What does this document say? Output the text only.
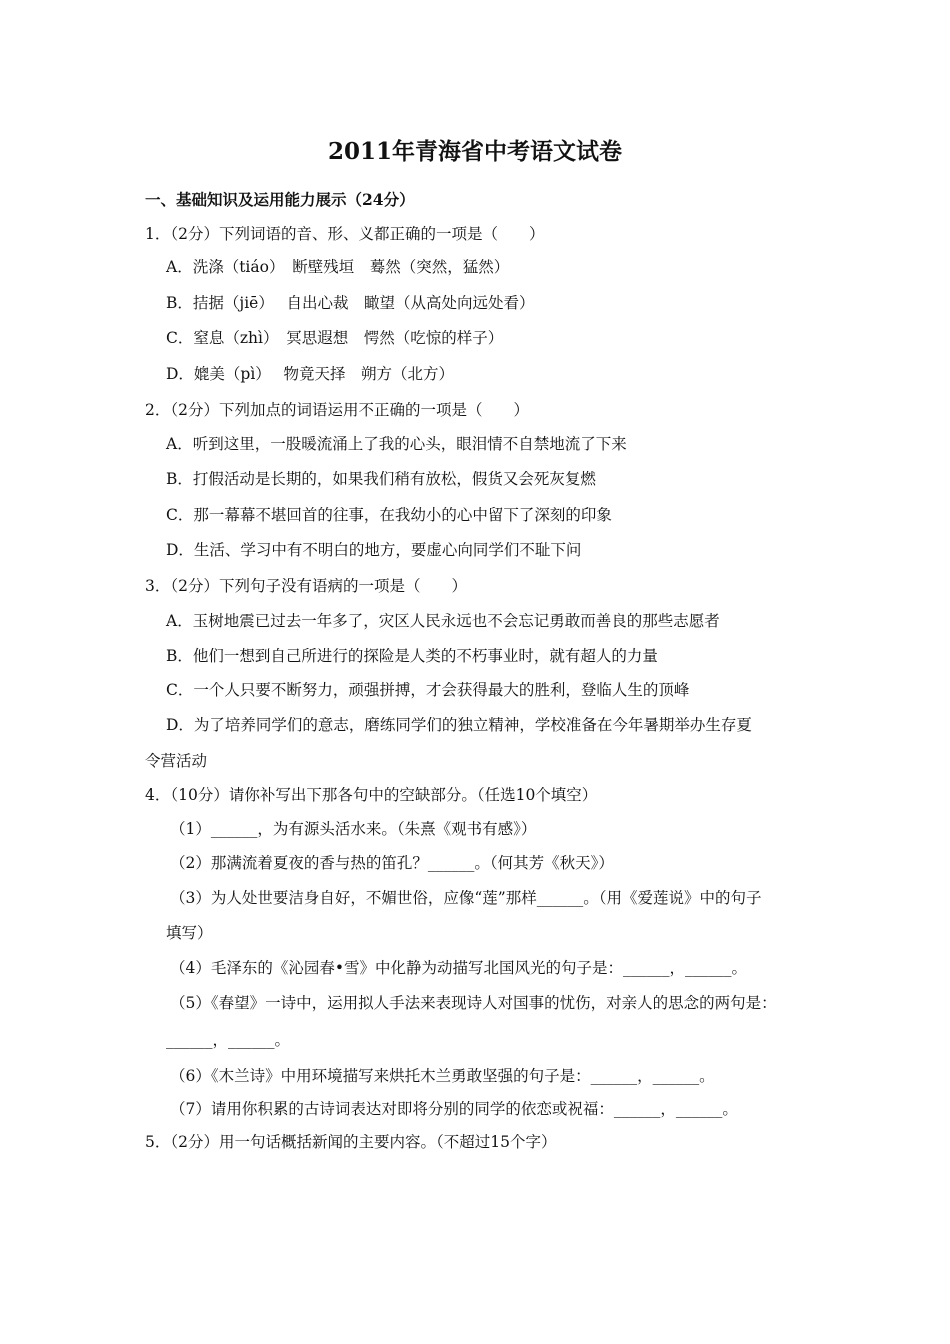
2011年青海省中考语文试卷
一、基础知识及运用能力展示（24分）
1．（2分）下列词语的音、形、义都正确的一项是（　　）
A．洗涤（tiáo）　断壁残垣　蓦然（突然，猛然）
B．拮据（jiē）　 自出心裁　瞰望（从高处向远处看）
C．窒息（zhì）　冥思遐想　愕然（吃惊的样子）
D．媲美（pì）　 物竟天择　朔方（北方）
2．（2分）下列加点的词语运用不正确的一项是（　　）
A．听到这里，一股暖流涌上了我的心头，眼泪情不自禁地流了下来
B．打假活动是长期的，如果我们稍有放松，假货又会死灰复燃
C．那一幕幕不堪回首的往事，在我幼小的心中留下了深刻的印象
D．生活、学习中有不明白的地方，要虚心向同学们不耻下问
3．（2分）下列句子没有语病的一项是（　　）
A．玉树地震已过去一年多了，灾区人民永远也不会忘记勇敢而善良的那些志愿者
B．他们一想到自己所进行的探险是人类的不朽事业时，就有超人的力量
C．一个人只要不断努力，顽强拼搏，才会获得最大的胜利，登临人生的顶峰
D．为了培养同学们的意志，磨练同学们的独立精神，学校准备在今年暑期举办生存夏
令营活动
4．（10分）请你补写出下那各句中的空缺部分。（任选10个填空）
（1）______，为有源头活水来。（朱熹《观书有感》）
（2）那满流着夏夜的香与热的笛孔？______。（何其芳《秋天》）
（3）为人处世要洁身自好，不媚世俗，应像“莲”那样______。（用《爱莲说》中的句子
填写）
（4）毛泽东的《沁园春•雪》中化静为动描写北国风光的句子是：______，______。
（5）《春望》一诗中，运用拟人手法来表现诗人对国事的忧伤，对亲人的思念的两句是：
______，______。
（6）《木兰诗》中用环境描写来烘托木兰勇敢坚强的句子是：______，______。
（7）请用你积累的古诗词表达对即将分别的同学的依恋或祝福：______，______。
5．（2分）用一句话概括新闻的主要内容。（不超过15个字）
